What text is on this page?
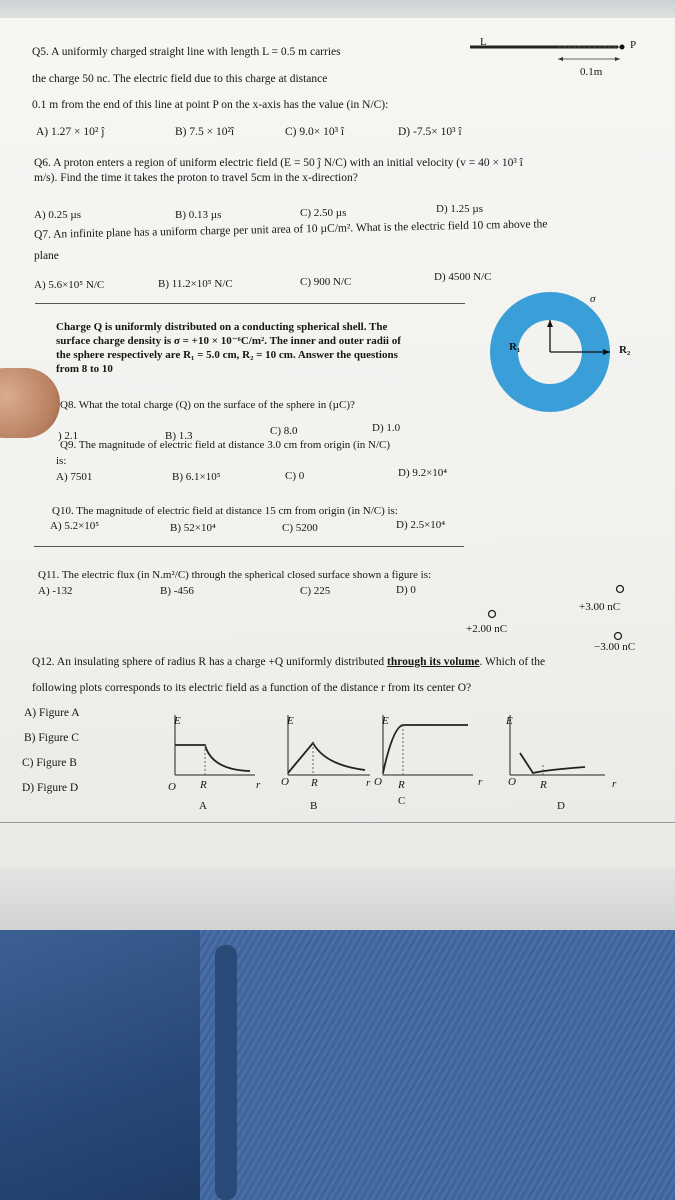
Q5. A uniformly charged straight line with length L = 0.5 m carries
the charge 50 nc. The electric field due to this charge at distance
0.1 m from the end of this line at point P on the x-axis has the value (in N/C):
A) 1.27 × 10² ĵ	B) 7.5 × 10²î	C) 9.0× 10³ î	D) -7.5× 10³ î
L
0.1m
P
Q6. A proton enters a region of uniform electric field (E = 50 ĵ N/C) with an initial velocity (v = 40 × 10³ î
m/s). Find the time it takes the proton to travel 5cm in the x-direction?
A) 0.25 µs	B) 0.13 µs	C) 2.50 µs	D) 1.25 µs
Q7. An infinite plane has a uniform charge per unit area of 10 µC/m². What is the electric field 10 cm above the
plane
A) 5.6×10⁵ N/C	B) 11.2×10⁵ N/C	C) 900 N/C	D) 4500 N/C
Charge Q is uniformly distributed on a conducting spherical shell. The
surface charge density is σ = +10 × 10⁻⁶C/m². The inner and outer radii of
the sphere respectively are R₁ = 5.0 cm, R₂ = 10 cm. Answer the questions
from 8 to 10
σ
R₁	R₂
Q8. What the total charge (Q) on the surface of the sphere in (µC)?
) 2.1	B) 1.3	C) 8.0	D) 1.0
Q9. The magnitude of electric field at distance 3.0 cm from origin (in N/C)
is:
A) 7501	B) 6.1×10⁵	C) 0	D) 9.2×10⁴
Q10. The magnitude of electric field at distance 15 cm from origin (in N/C) is:
A) 5.2×10⁵	B) 52×10⁴	C) 5200	D) 2.5×10⁴
Q11. The electric flux (in N.m²/C) through the spherical closed surface shown a figure is:
A) -132	B) -456	C) 225	D) 0
+3.00 nC
+2.00 nC
−3.00 nC
Q12. An insulating sphere of radius R has a charge +Q uniformly distributed through its volume. Which of the
following plots corresponds to its electric field as a function of the distance r from its center O?
A) Figure A
B) Figure C
C) Figure B
D) Figure D
E	E	E	E
O R	r O R	r O R	r O R	r
A	B	C	D
